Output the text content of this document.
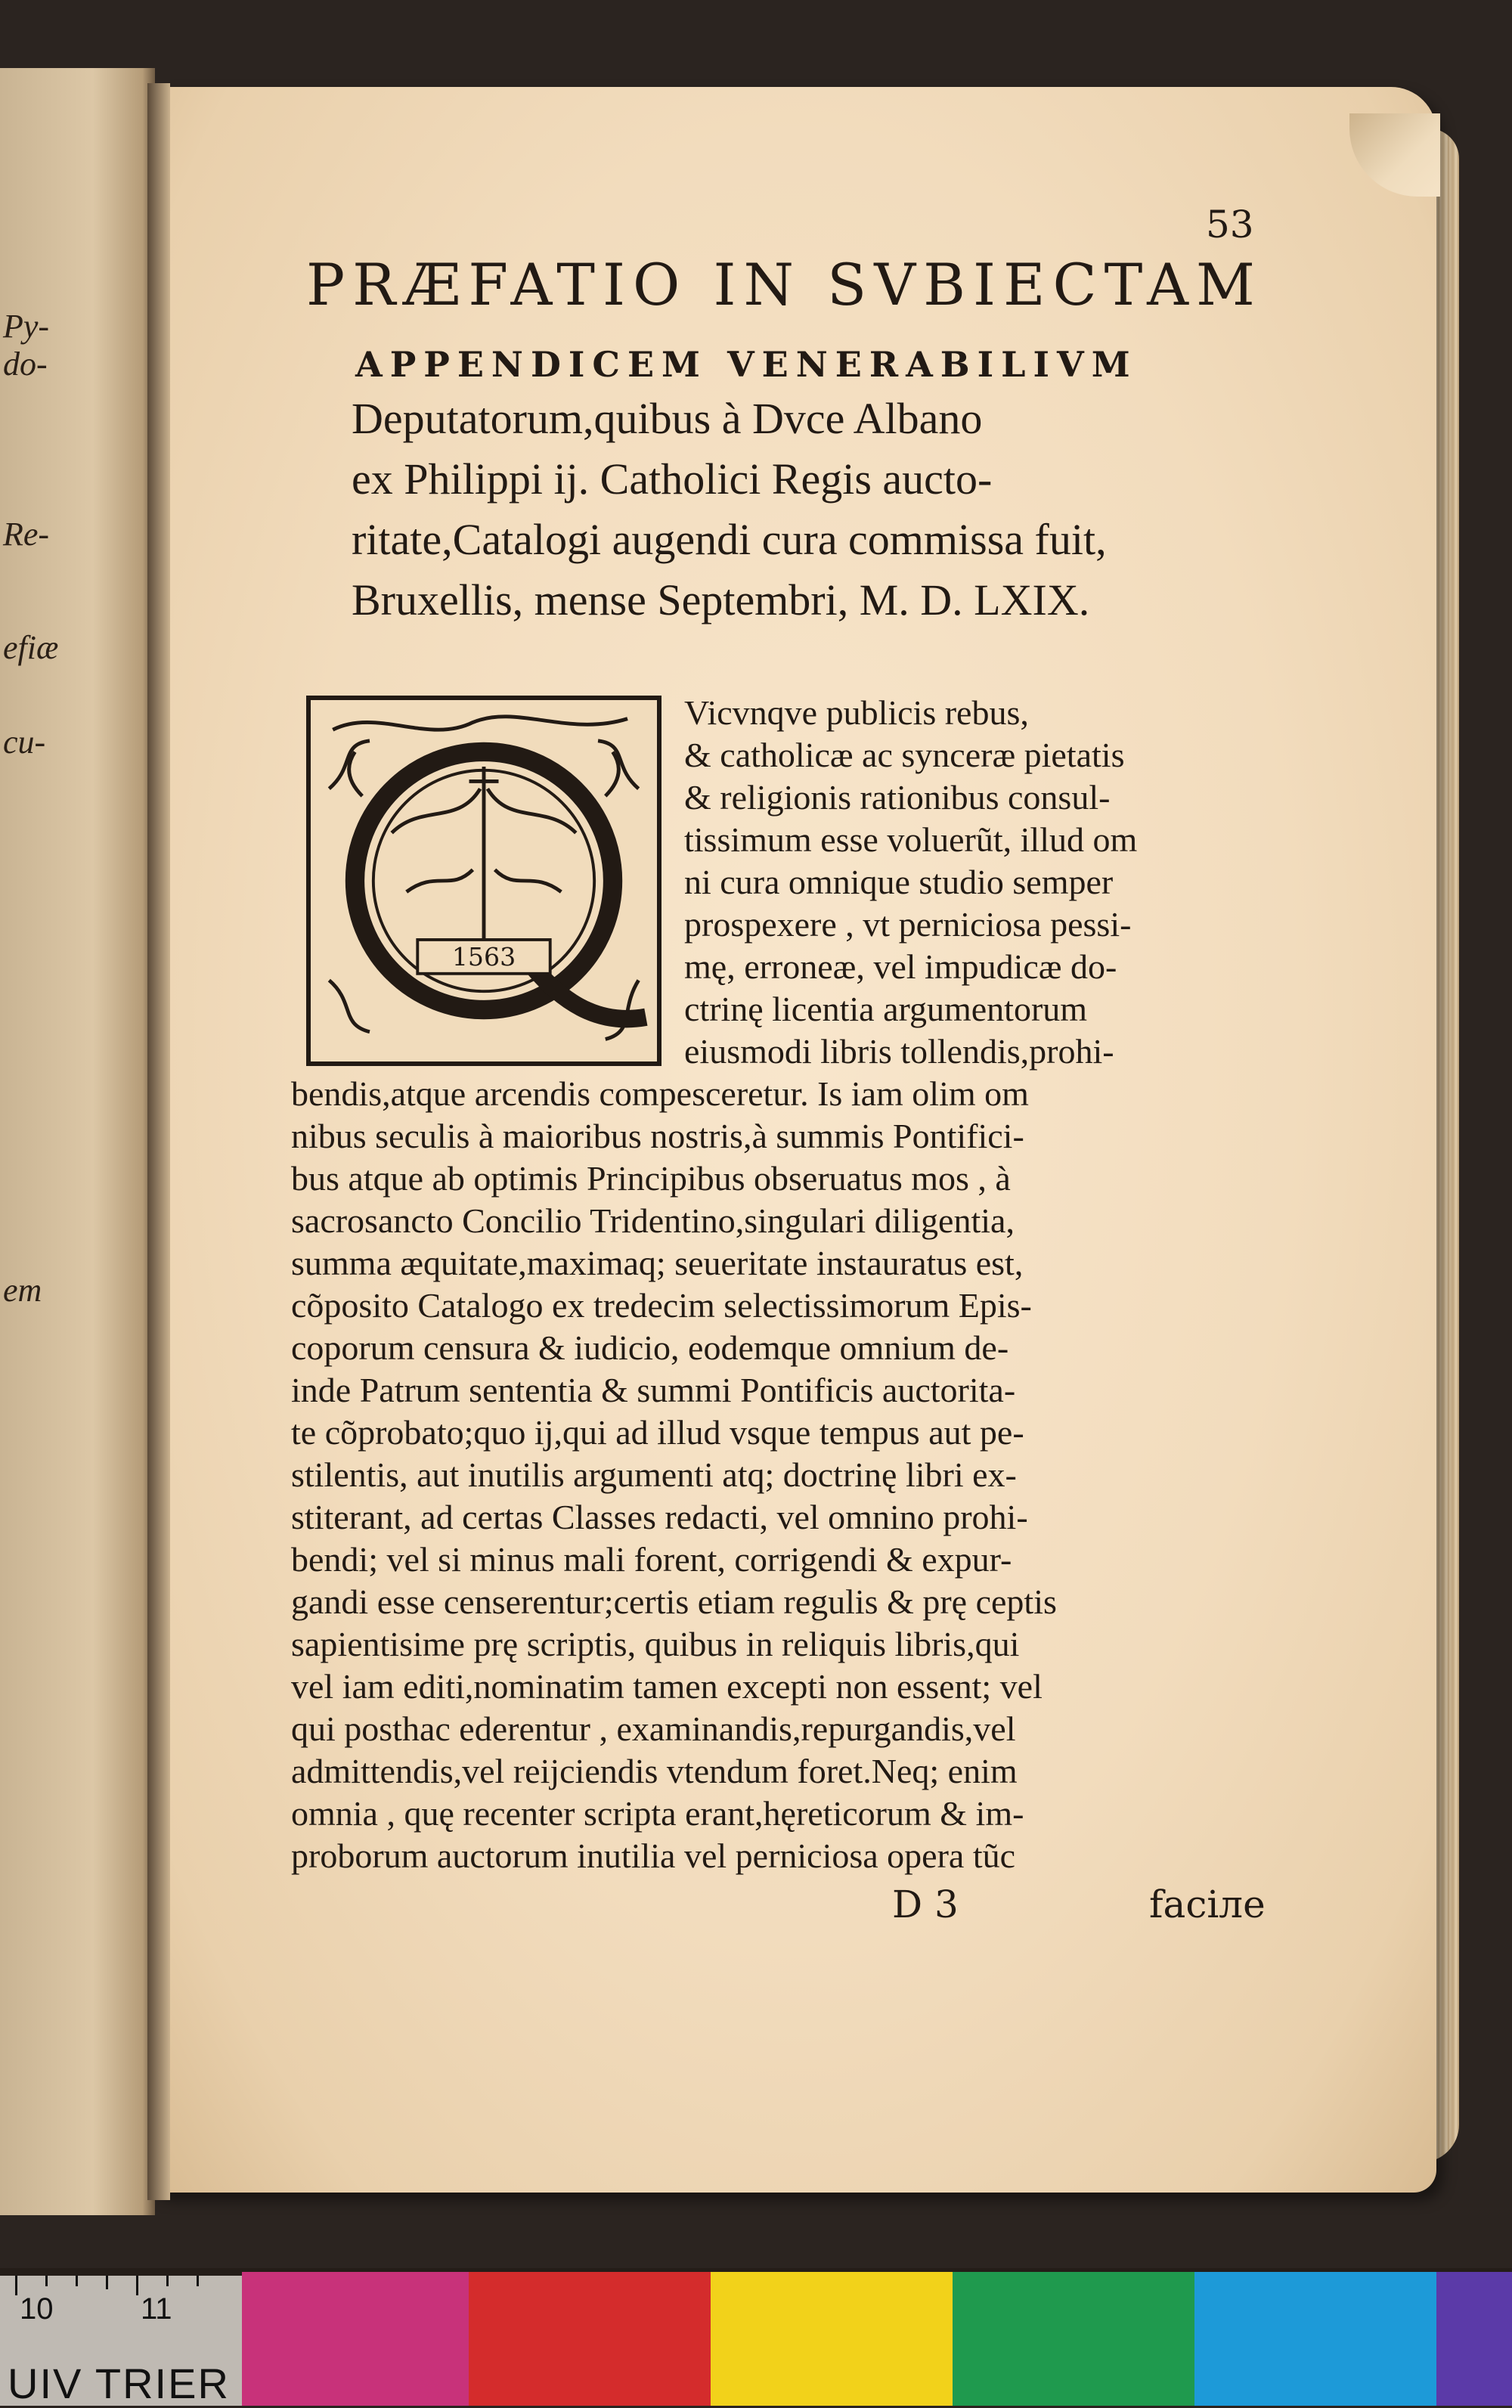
Py-
do-
Re-
efiæ
cu-
em
53
PRÆFATIO IN SVBIECTAM
APPENDICEM VENERABILIVM
Deputatorum,quibus à Dvce Albano
ex Philippi ij. Catholici Regis aucto-
ritate,Catalogi augendi cura commissa fuit,
Bruxellis, mense Septembri, M. D. LXIX.
1563
Q
Vicvnqve publicis rebus,
& catholicæ ac synceræ pietatis
& religionis rationibus consul-
tissimum esse voluerũt, illud om
ni cura omnique studio semper
prospexere , vt perniciosa pessi-
mę, erroneæ, vel impudicæ do-
ctrinę licentia argumentorum
eiusmodi libris tollendis,prohi-
bendis,atque arcendis compesceretur. Is iam olim om
nibus seculis à maioribus nostris,à summis Pontifici-
bus atque ab optimis Principibus obseruatus mos , à
sacrosancto Concilio Tridentino,singulari diligentia,
summa æquitate,maximaq; seueritate instauratus est,
cõposito Catalogo ex tredecim selectissimorum Epis-
coporum censura & iudicio, eodemque omnium de-
inde Patrum sententia & summi Pontificis auctorita-
te cõprobato;quo ij,qui ad illud vsque tempus aut pe-
stilentis, aut inutilis argumenti atq; doctrinę libri ex-
stiterant, ad certas Classes redacti, vel omnino prohi-
bendi; vel si minus mali forent, corrigendi & expur-
gandi esse censerentur;certis etiam regulis & prę ceptis
sapientisime prę scriptis, quibus in reliquis libris,qui
vel iam editi,nominatim tamen excepti non essent; vel
qui posthac ederentur , examinandis,repurgandis,vel
admittendis,vel reijciendis vtendum foret.Neq; enim
omnia , quę recenter scripta erant,hęreticorum & im-
proborum auctorum inutilia vel perniciosa opera tũc
D 3	faciле
10	11
UIV TRIER
